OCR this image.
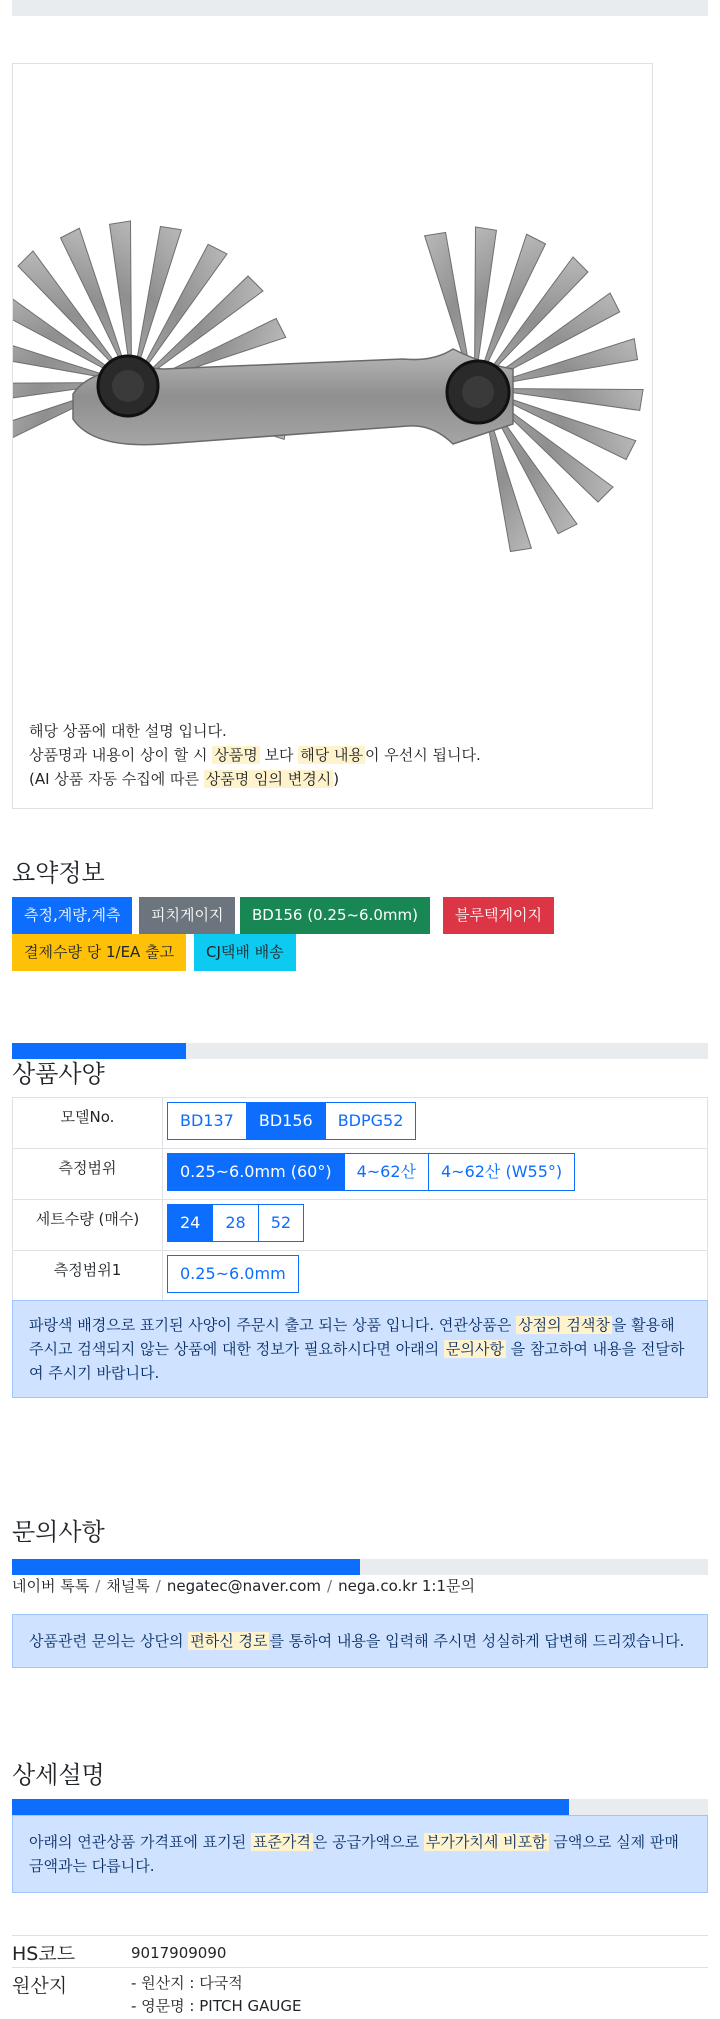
해당 상품에 대한 설명 입니다.
상품명과 내용이 상이 할 시 상품명 보다 해당 내용 이 우선시 됩니다.
(AI 상품 자동 수집에 따른 상품명 임의 변경시 )
요약정보
측정,계량,계측	피치게이지	BD156 (0.25~6.0mm)	블루텍게이지
결제수량 당 1/EA 출고	CJ택배 배송
상품사양
모델No.	BD137 BD156 BDPG52

측정범위	0.25~6.0mm (60°) 4~62산 4~62산 (W55°)

세트수량 (매수)	24 28 52

측정범위1	0.25~6.0mm
파랑색 배경으로 표기된 사양이 주문시 출고 되는 상품 입니다. 연관상품은 상점의 검색창 을 활용해 주시고 검색되지 않는 상품에 대한 정보가 필요하시다면 아래의 문의사항 을 참고하여 내용을 전달하여 주시기 바랍니다.
문의사항
네이버 톡톡 / 채널톡 / negatec@naver.com / nega.co.kr 1:1문의
상품관련 문의는 상단의 편하신 경로 를 통하여 내용을 입력해 주시면 성실하게 답변해 드리겠습니다.
상세설명
아래의 연관상품 가격표에 표기된 표준가격 은 공급가액으로 부가가치세 비포함 금액으로 실제 판매금액과는 다릅니다.
HS코드	9017909090
원산지	- 원산지 : 다국적
- 영문명 : PITCH GAUGE
